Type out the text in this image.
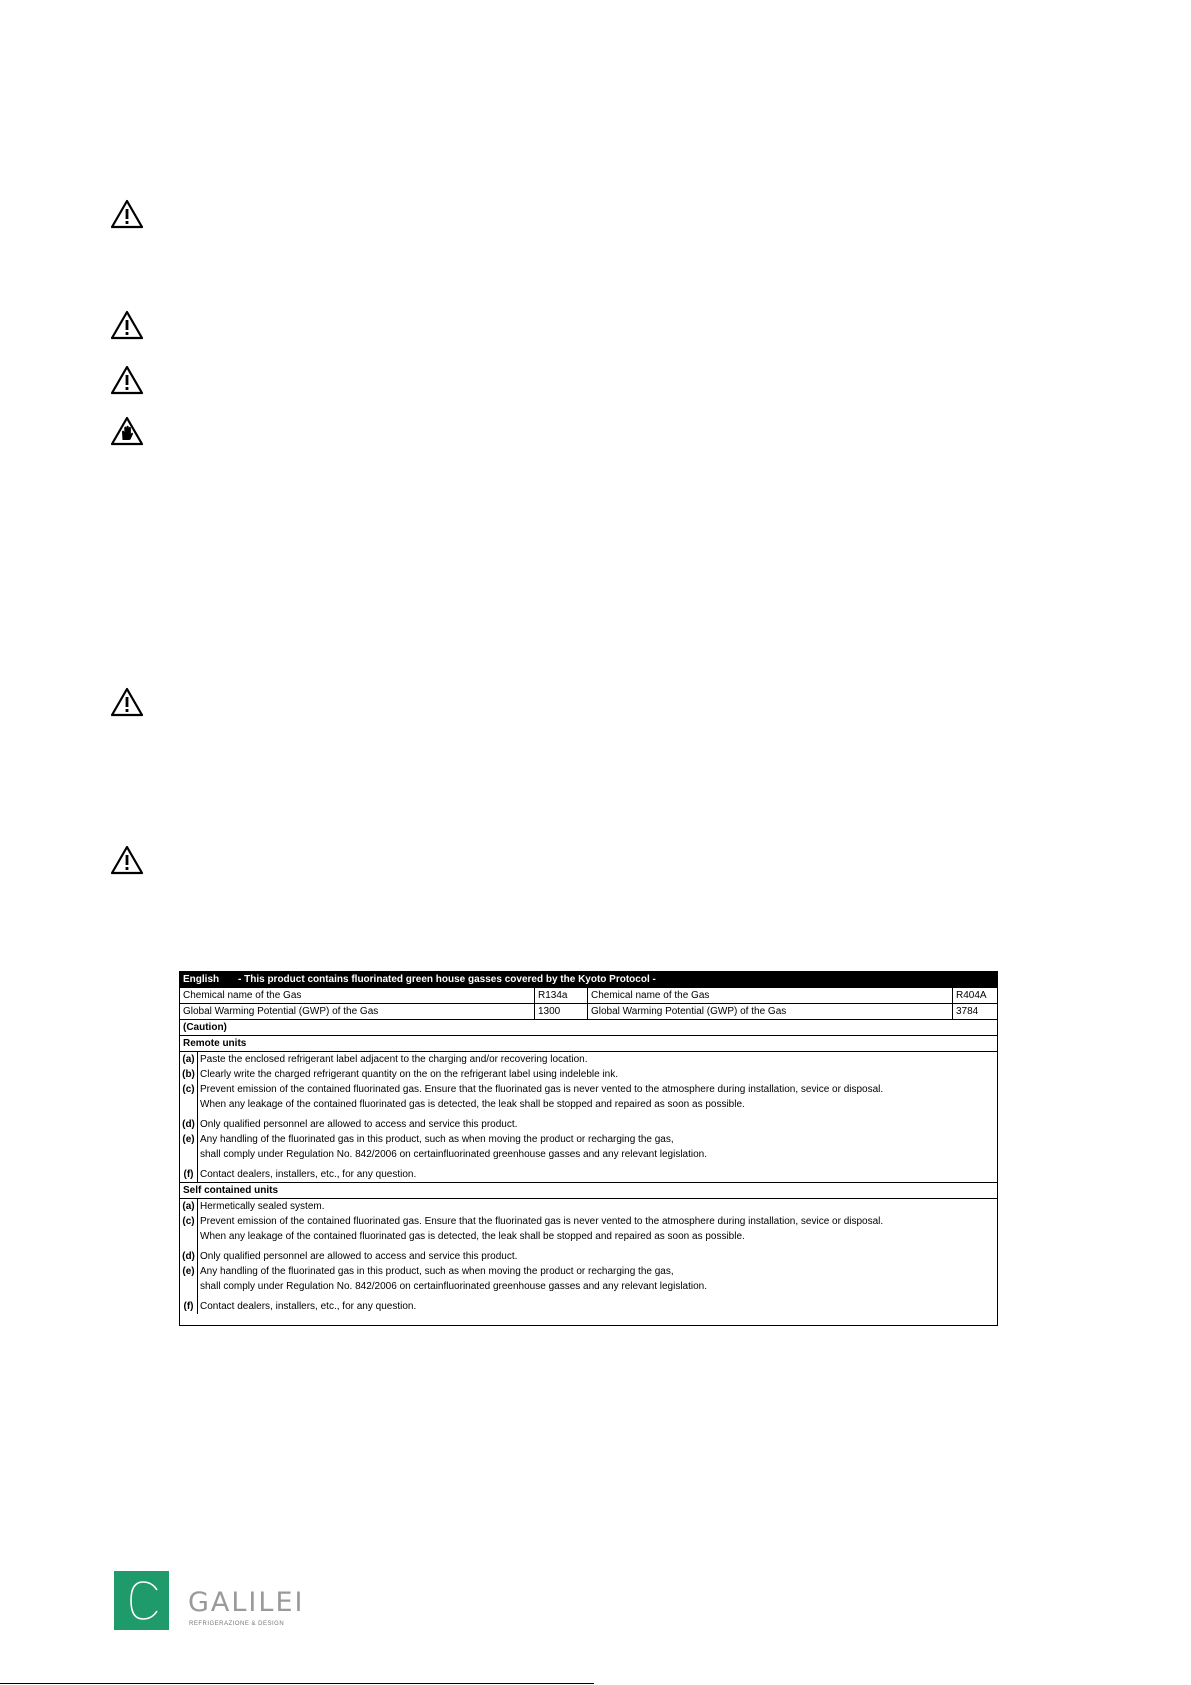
English - This product contains fluorinated green house gasses covered by the Kyoto Protocol -
Chemical name of the Gas	R134a	Chemical name of the Gas	R404A
Global Warming Potential (GWP) of the Gas	1300	Global Warming Potential (GWP) of the Gas	3784
(Caution)
Remote units
(a) Paste the enclosed refrigerant label adjacent to the charging and/or recovering location.
(b) Clearly write the charged refrigerant quantity on the on the refrigerant label using indeleble ink.
(c) Prevent emission of the contained fluorinated gas. Ensure that the fluorinated gas is never vented to the atmosphere during installation, sevice or disposal.
When any leakage of the contained fluorinated gas is detected, the leak shall be stopped and repaired as soon as possible.
(d) Only qualified personnel are allowed to access and service this product.
(e) Any handling of the fluorinated gas in this product, such as when moving the product or recharging the gas,
shall comply under Regulation No. 842/2006 on certainfluorinated greenhouse gasses and any relevant legislation.
(f) Contact dealers, installers, etc., for any question.
Self contained units
(a) Hermetically sealed system.
(c) Prevent emission of the contained fluorinated gas. Ensure that the fluorinated gas is never vented to the atmosphere during installation, sevice or disposal.
When any leakage of the contained fluorinated gas is detected, the leak shall be stopped and repaired as soon as possible.
(d) Only qualified personnel are allowed to access and service this product.
(e) Any handling of the fluorinated gas in this product, such as when moving the product or recharging the gas,
shall comply under Regulation No. 842/2006 on certainfluorinated greenhouse gasses and any relevant legislation.
(f) Contact dealers, installers, etc., for any question.
GALILEI
REFRIGERAZIONE & DESIGN
